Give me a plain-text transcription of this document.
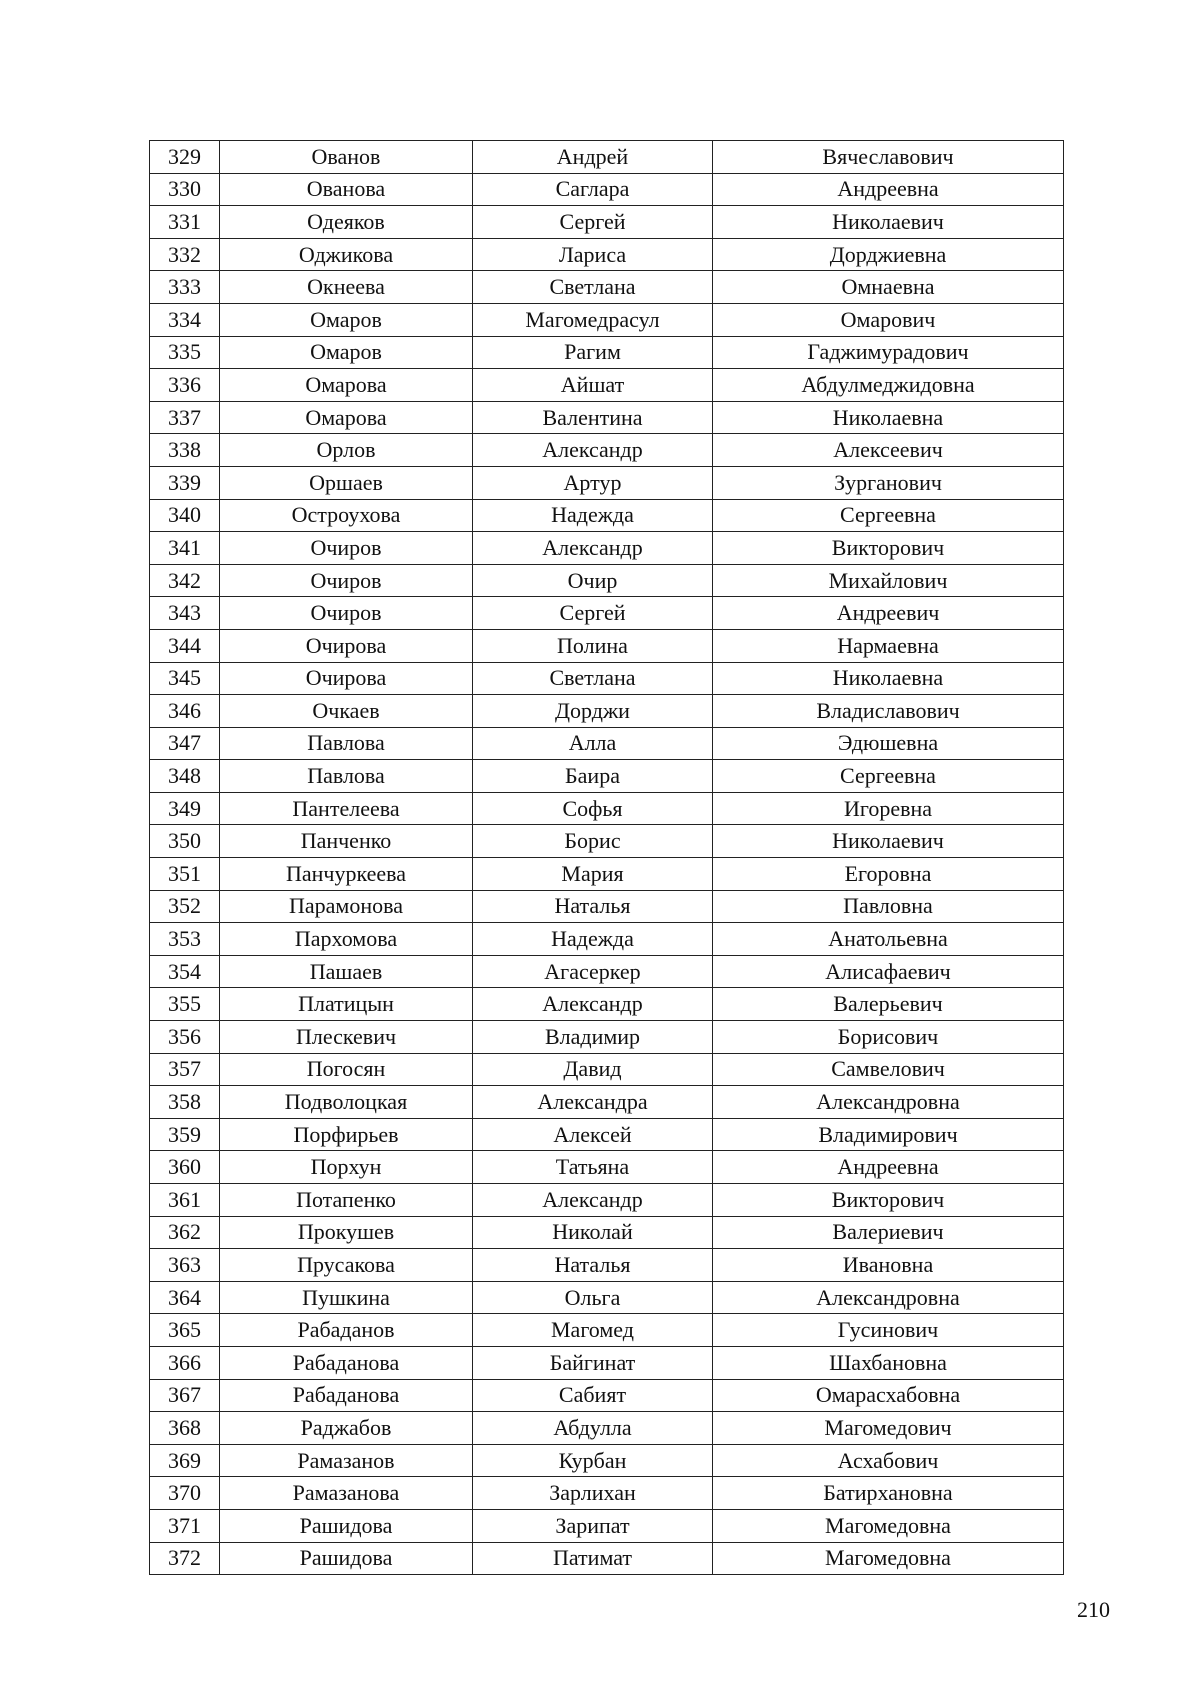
329	Ованов	Андрей	Вячеславович
330	Ованова	Саглара	Андреевна
331	Одеяков	Сергей	Николаевич
332	Оджикова	Лариса	Дорджиевна
333	Окнеева	Светлана	Омнаевна
334	Омаров	Магомедрасул	Омарович
335	Омаров	Рагим	Гаджимурадович
336	Омарова	Айшат	Абдулмеджидовна
337	Омарова	Валентина	Николаевна
338	Орлов	Александр	Алексеевич
339	Оршаев	Артур	Зурганович
340	Остроухова	Надежда	Сергеевна
341	Очиров	Александр	Викторович
342	Очиров	Очир	Михайлович
343	Очиров	Сергей	Андреевич
344	Очирова	Полина	Нармаевна
345	Очирова	Светлана	Николаевна
346	Очкаев	Дорджи	Владиславович
347	Павлова	Алла	Эдюшевна
348	Павлова	Баира	Сергеевна
349	Пантелеева	Софья	Игоревна
350	Панченко	Борис	Николаевич
351	Панчуркеева	Мария	Егоровна
352	Парамонова	Наталья	Павловна
353	Пархомова	Надежда	Анатольевна
354	Пашаев	Агасеркер	Алисафаевич
355	Платицын	Александр	Валерьевич
356	Плескевич	Владимир	Борисович
357	Погосян	Давид	Самвелович
358	Подволоцкая	Александра	Александровна
359	Порфирьев	Алексей	Владимирович
360	Порхун	Татьяна	Андреевна
361	Потапенко	Александр	Викторович
362	Прокушев	Николай	Валериевич
363	Прусакова	Наталья	Ивановна
364	Пушкина	Ольга	Александровна
365	Рабаданов	Магомед	Гусинович
366	Рабаданова	Байгинат	Шахбановна
367	Рабаданова	Сабият	Омарасхабовна
368	Раджабов	Абдулла	Магомедович
369	Рамазанов	Курбан	Асхабович
370	Рамазанова	Зарлихан	Батирхановна
371	Рашидова	Зарипат	Магомедовна
372	Рашидова	Патимат	Магомедовна
210
